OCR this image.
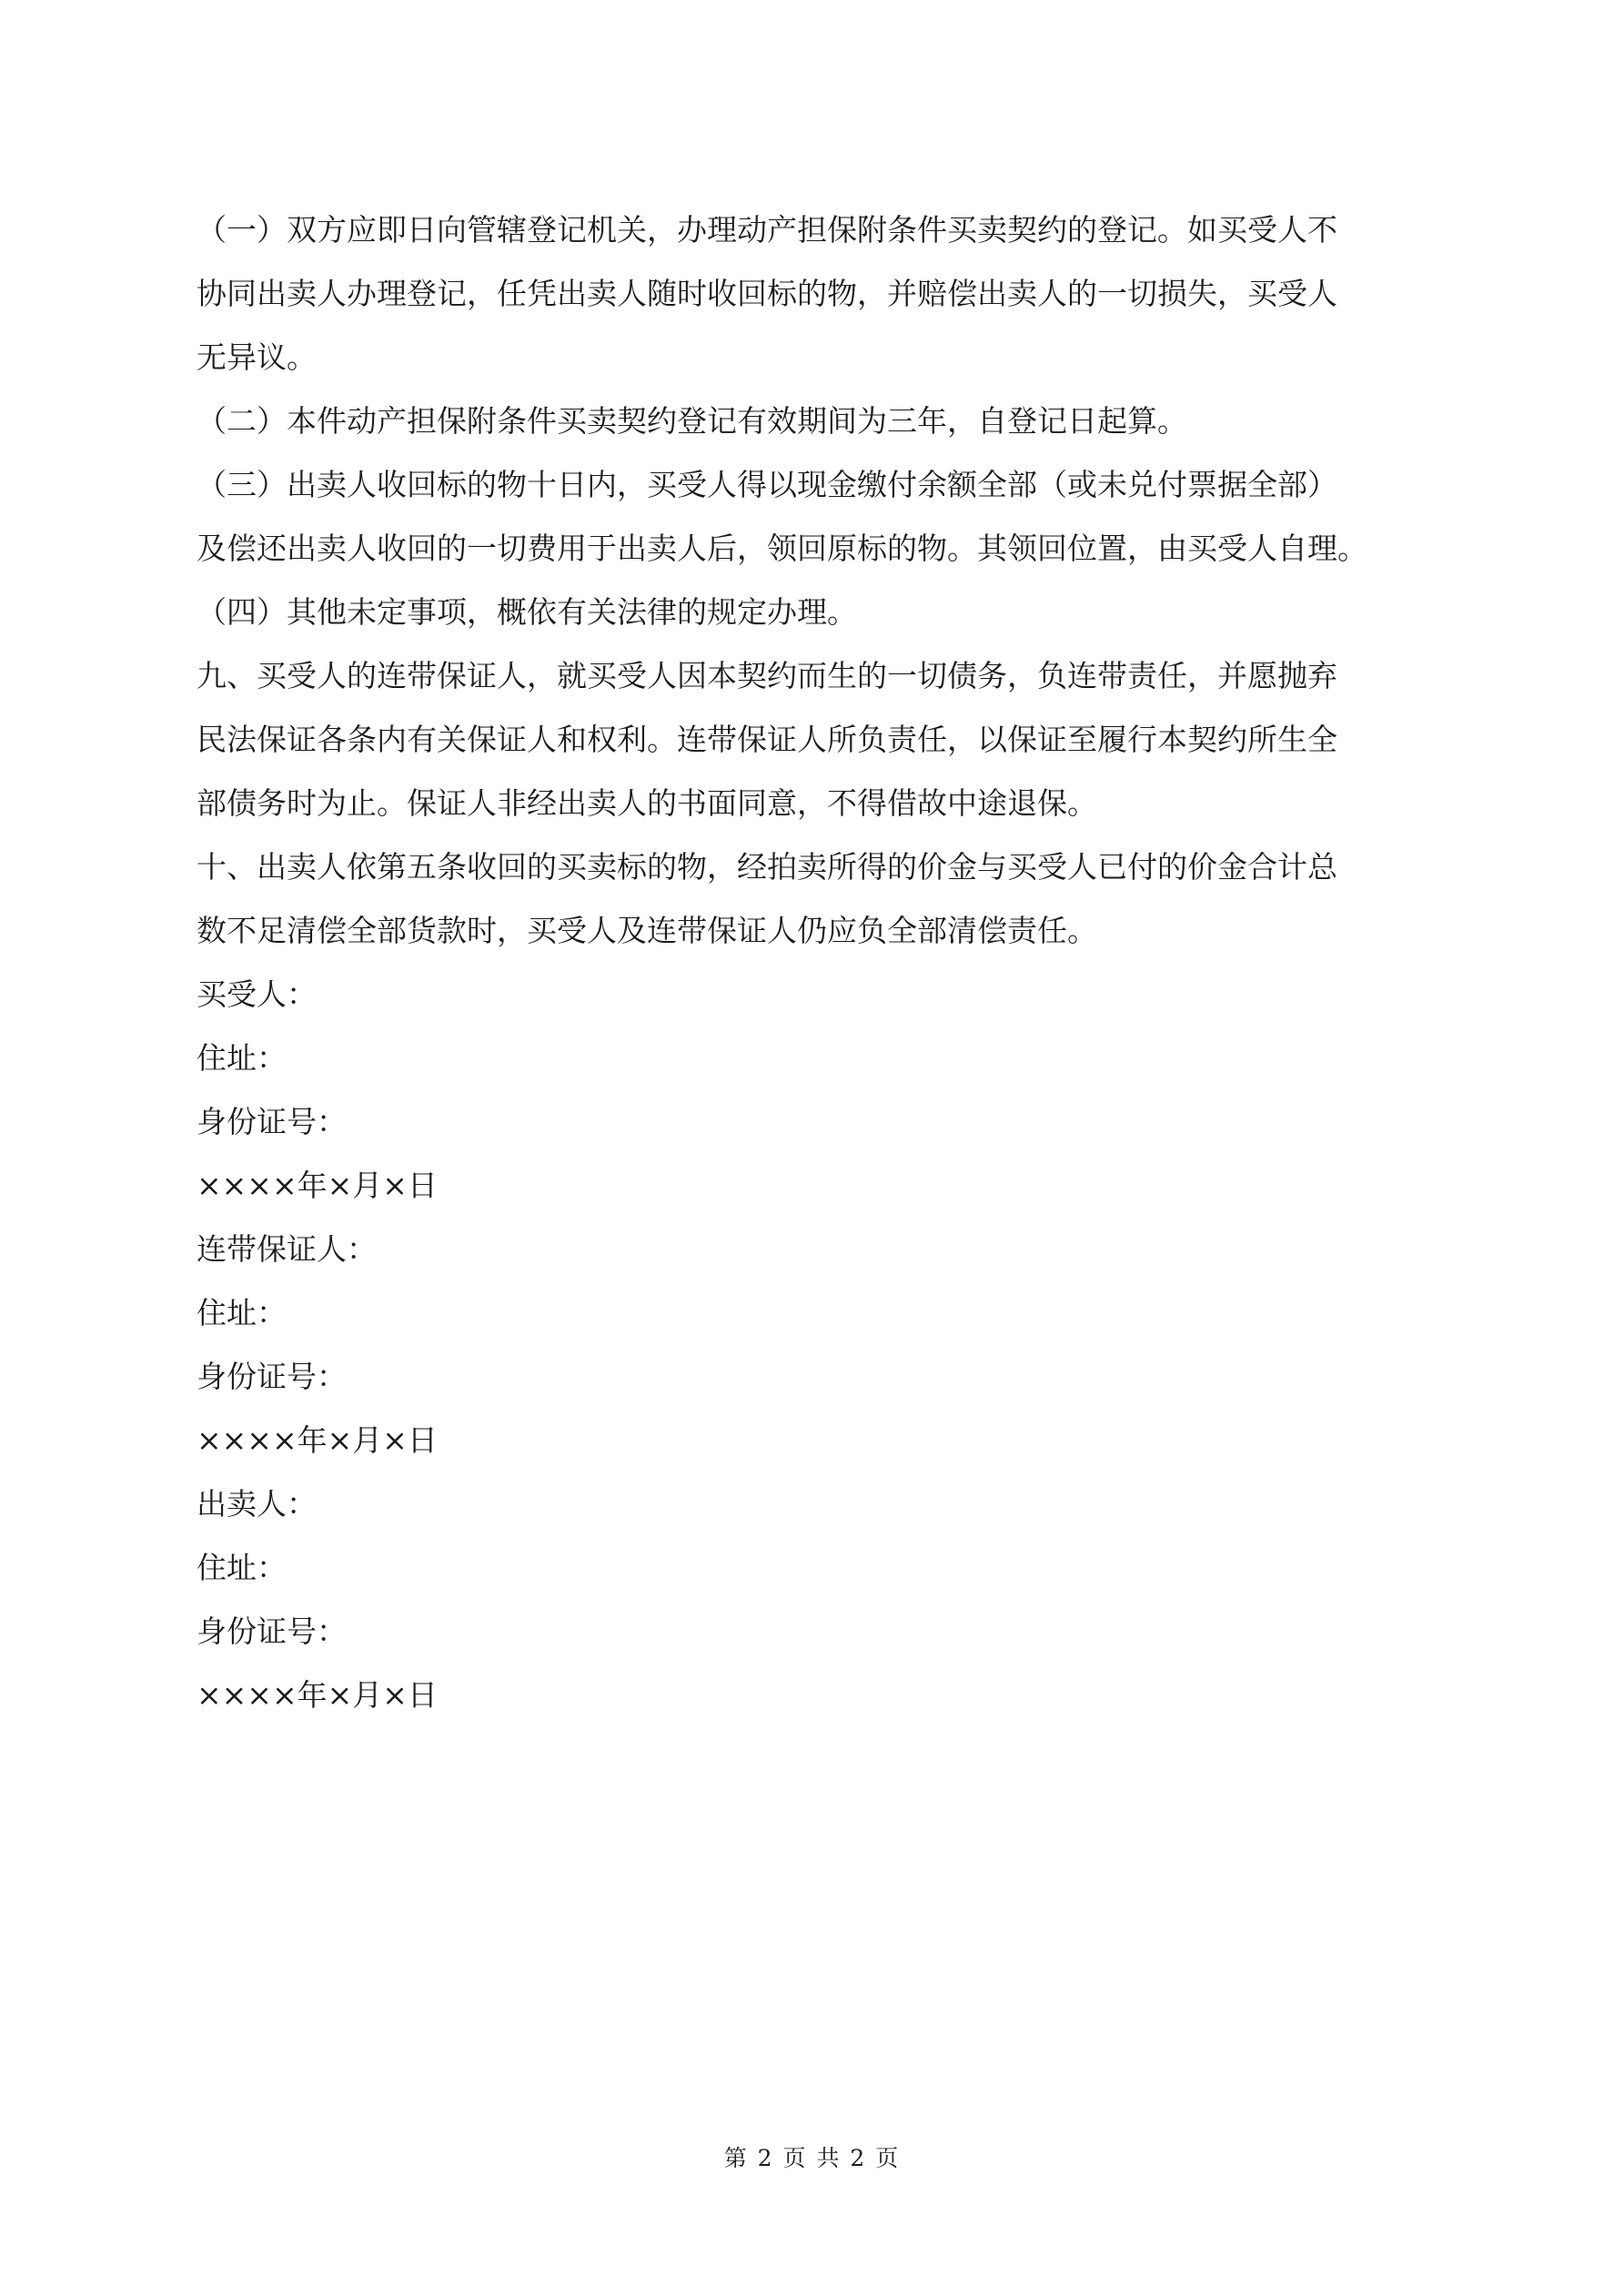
（一）双方应即日向管辖登记机关，办理动产担保附条件买卖契约的登记。如买受人不

协同出卖人办理登记，任凭出卖人随时收回标的物，并赔偿出卖人的一切损失，买受人

无异议。

（二）本件动产担保附条件买卖契约登记有效期间为三年，自登记日起算。

（三）出卖人收回标的物十日内，买受人得以现金缴付余额全部（或未兑付票据全部）

及偿还出卖人收回的一切费用于出卖人后，领回原标的物。其领回位置，由买受人自理。

（四）其他未定事项，概依有关法律的规定办理。

九、买受人的连带保证人，就买受人因本契约而生的一切债务，负连带责任，并愿抛弃

民法保证各条内有关保证人和权利。连带保证人所负责任，以保证至履行本契约所生全

部债务时为止。保证人非经出卖人的书面同意，不得借故中途退保。

十、出卖人依第五条收回的买卖标的物，经拍卖所得的价金与买受人已付的价金合计总

数不足清偿全部货款时，买受人及连带保证人仍应负全部清偿责任。

买受人：

住址：

身份证号：

××××年×月×日

连带保证人：

住址：

身份证号：

××××年×月×日

出卖人：

住址：

身份证号：

××××年×月×日

第 2 页 共 2 页
